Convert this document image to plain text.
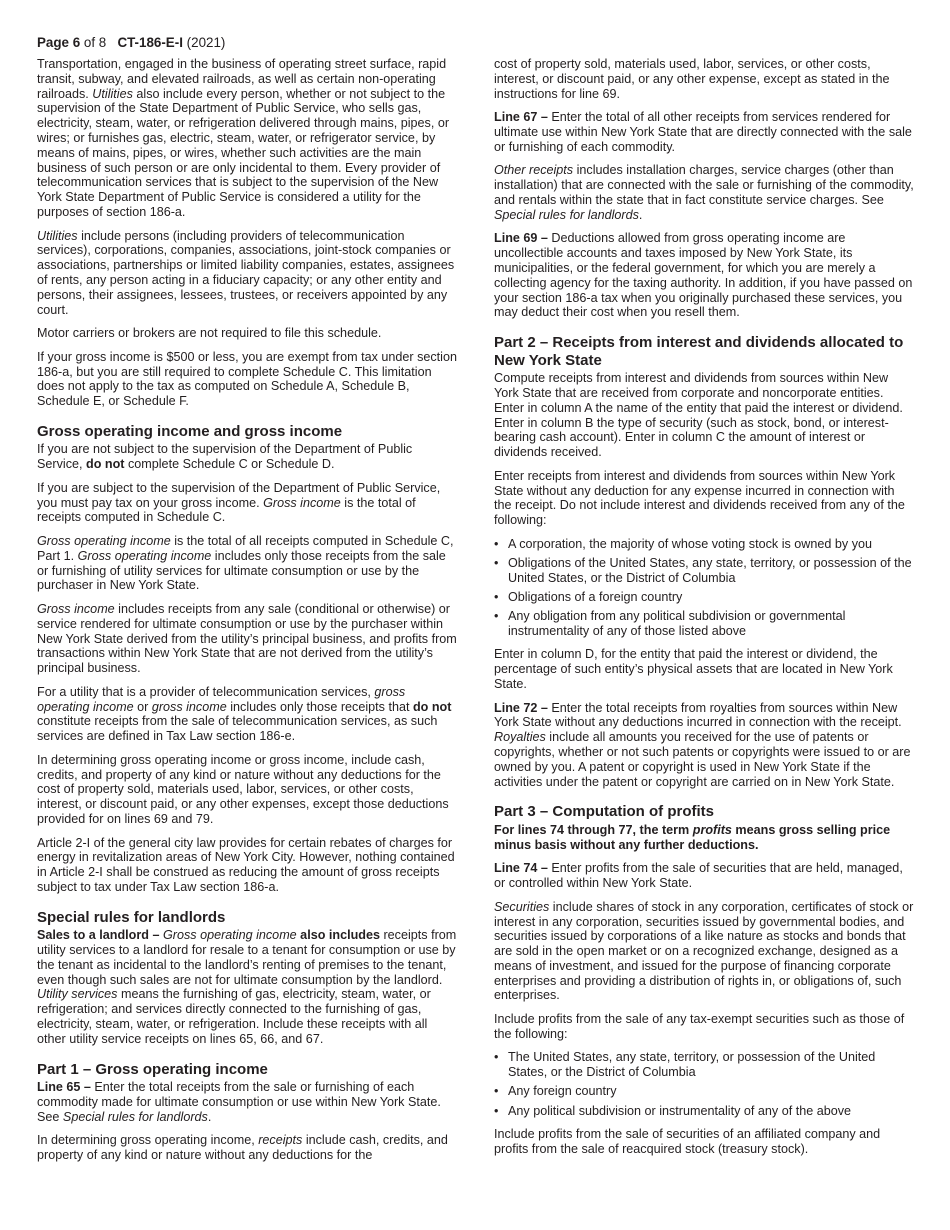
Page 6 of 8 CT-186-E-I (2021)

Transportation, engaged in the business of operating street surface, rapid transit, subway, and elevated railroads, as well as certain non-operating railroads. Utilities also include every person, whether or not subject to the supervision of the State Department of Public Service, who sells gas, electricity, steam, water, or refrigeration delivered through mains, pipes, or wires; or furnishes gas, electric, steam, water, or refrigerator service, by means of mains, pipes, or wires, whether such activities are the main business of such person or are only incidental to them. Every provider of telecommunication services that is subject to the supervision of the New York State Department of Public Service is considered a utility for the purposes of section 186-a.

Utilities include persons (including providers of telecommunication services), corporations, companies, associations, joint-stock companies or associations, partnerships or limited liability companies, estates, assignees of rents, any person acting in a fiduciary capacity; or any other entity and persons, their assignees, lessees, trustees, or receivers appointed by any court.

Motor carriers or brokers are not required to file this schedule.

If your gross income is $500 or less, you are exempt from tax under section 186-a, but you are still required to complete Schedule C. This limitation does not apply to the tax as computed on Schedule A, Schedule B, Schedule E, or Schedule F.

Gross operating income and gross income

If you are not subject to the supervision of the Department of Public Service, do not complete Schedule C or Schedule D.

If you are subject to the supervision of the Department of Public Service, you must pay tax on your gross income. Gross income is the total of receipts computed in Schedule C.

Gross operating income is the total of all receipts computed in Schedule C, Part 1. Gross operating income includes only those receipts from the sale or furnishing of utility services for ultimate consumption or use by the purchaser in New York State.

Gross income includes receipts from any sale (conditional or otherwise) or service rendered for ultimate consumption or use by the purchaser within New York State derived from the utility’s principal business, and profits from transactions within New York State that are not derived from the utility’s principal business.

For a utility that is a provider of telecommunication services, gross operating income or gross income includes only those receipts that do not constitute receipts from the sale of telecommunication services, as such services are defined in Tax Law section 186-e.

In determining gross operating income or gross income, include cash, credits, and property of any kind or nature without any deductions for the cost of property sold, materials used, labor, services, or other costs, interest, or discount paid, or any other expenses, except those deductions provided for on lines 69 and 79.

Article 2-I of the general city law provides for certain rebates of charges for energy in revitalization areas of New York City. However, nothing contained in Article 2-I shall be construed as reducing the amount of gross receipts subject to tax under Tax Law section 186-a.

Special rules for landlords

Sales to a landlord – Gross operating income also includes receipts from utility services to a landlord for resale to a tenant for consumption or use by the tenant as incidental to the landlord’s renting of premises to the tenant, even though such sales are not for ultimate consumption by the landlord. Utility services means the furnishing of gas, electricity, steam, water, or refrigeration; and services directly connected to the furnishing of gas, electricity, steam, water, or refrigeration. Include these receipts with all other utility service receipts on lines 65, 66, and 67.

Part 1 – Gross operating income

Line 65 – Enter the total receipts from the sale or furnishing of each commodity made for ultimate consumption or use within New York State. See Special rules for landlords.

In determining gross operating income, receipts include cash, credits, and property of any kind or nature without any deductions for the

cost of property sold, materials used, labor, services, or other costs, interest, or discount paid, or any other expense, except as stated in the instructions for line 69.

Line 67 – Enter the total of all other receipts from services rendered for ultimate use within New York State that are directly connected with the sale or furnishing of each commodity.

Other receipts includes installation charges, service charges (other than installation) that are connected with the sale or furnishing of the commodity, and rentals within the state that in fact constitute service charges. See Special rules for landlords.

Line 69 – Deductions allowed from gross operating income are uncollectible accounts and taxes imposed by New York State, its municipalities, or the federal government, for which you are merely a collecting agency for the taxing authority. In addition, if you have passed on your section 186-a tax when you originally purchased these services, you may deduct their cost when you resell them.

Part 2 – Receipts from interest and dividends allocated to New York State

Compute receipts from interest and dividends from sources within New York State that are received from corporate and noncorporate entities. Enter in column A the name of the entity that paid the interest or dividend. Enter in column B the type of security (such as stock, bond, or interest-bearing cash account). Enter in column C the amount of interest or dividends received.

Enter receipts from interest and dividends from sources within New York State without any deduction for any expense incurred in connection with the receipt. Do not include interest and dividends received from any of the following:

• A corporation, the majority of whose voting stock is owned by you
• Obligations of the United States, any state, territory, or possession of the United States, or the District of Columbia
• Obligations of a foreign country
• Any obligation from any political subdivision or governmental instrumentality of any of those listed above

Enter in column D, for the entity that paid the interest or dividend, the percentage of such entity’s physical assets that are located in New York State.

Line 72 – Enter the total receipts from royalties from sources within New York State without any deductions incurred in connection with the receipt. Royalties include all amounts you received for the use of patents or copyrights, whether or not such patents or copyrights were issued to or are owned by you. A patent or copyright is used in New York State if the activities under the patent or copyright are carried on in New York State.

Part 3 – Computation of profits

For lines 74 through 77, the term profits means gross selling price minus basis without any further deductions.

Line 74 – Enter profits from the sale of securities that are held, managed, or controlled within New York State.

Securities include shares of stock in any corporation, certificates of stock or interest in any corporation, securities issued by governmental bodies, and securities issued by corporations of a like nature as stocks and bonds that are sold in the open market or on a recognized exchange, designed as a means of investment, and issued for the purpose of financing corporate enterprises and providing a distribution of rights in, or obligations of, such enterprises.

Include profits from the sale of any tax-exempt securities such as those of the following:

• The United States, any state, territory, or possession of the United States, or the District of Columbia
• Any foreign country
• Any political subdivision or instrumentality of any of the above

Include profits from the sale of securities of an affiliated company and profits from the sale of reacquired stock (treasury stock).
